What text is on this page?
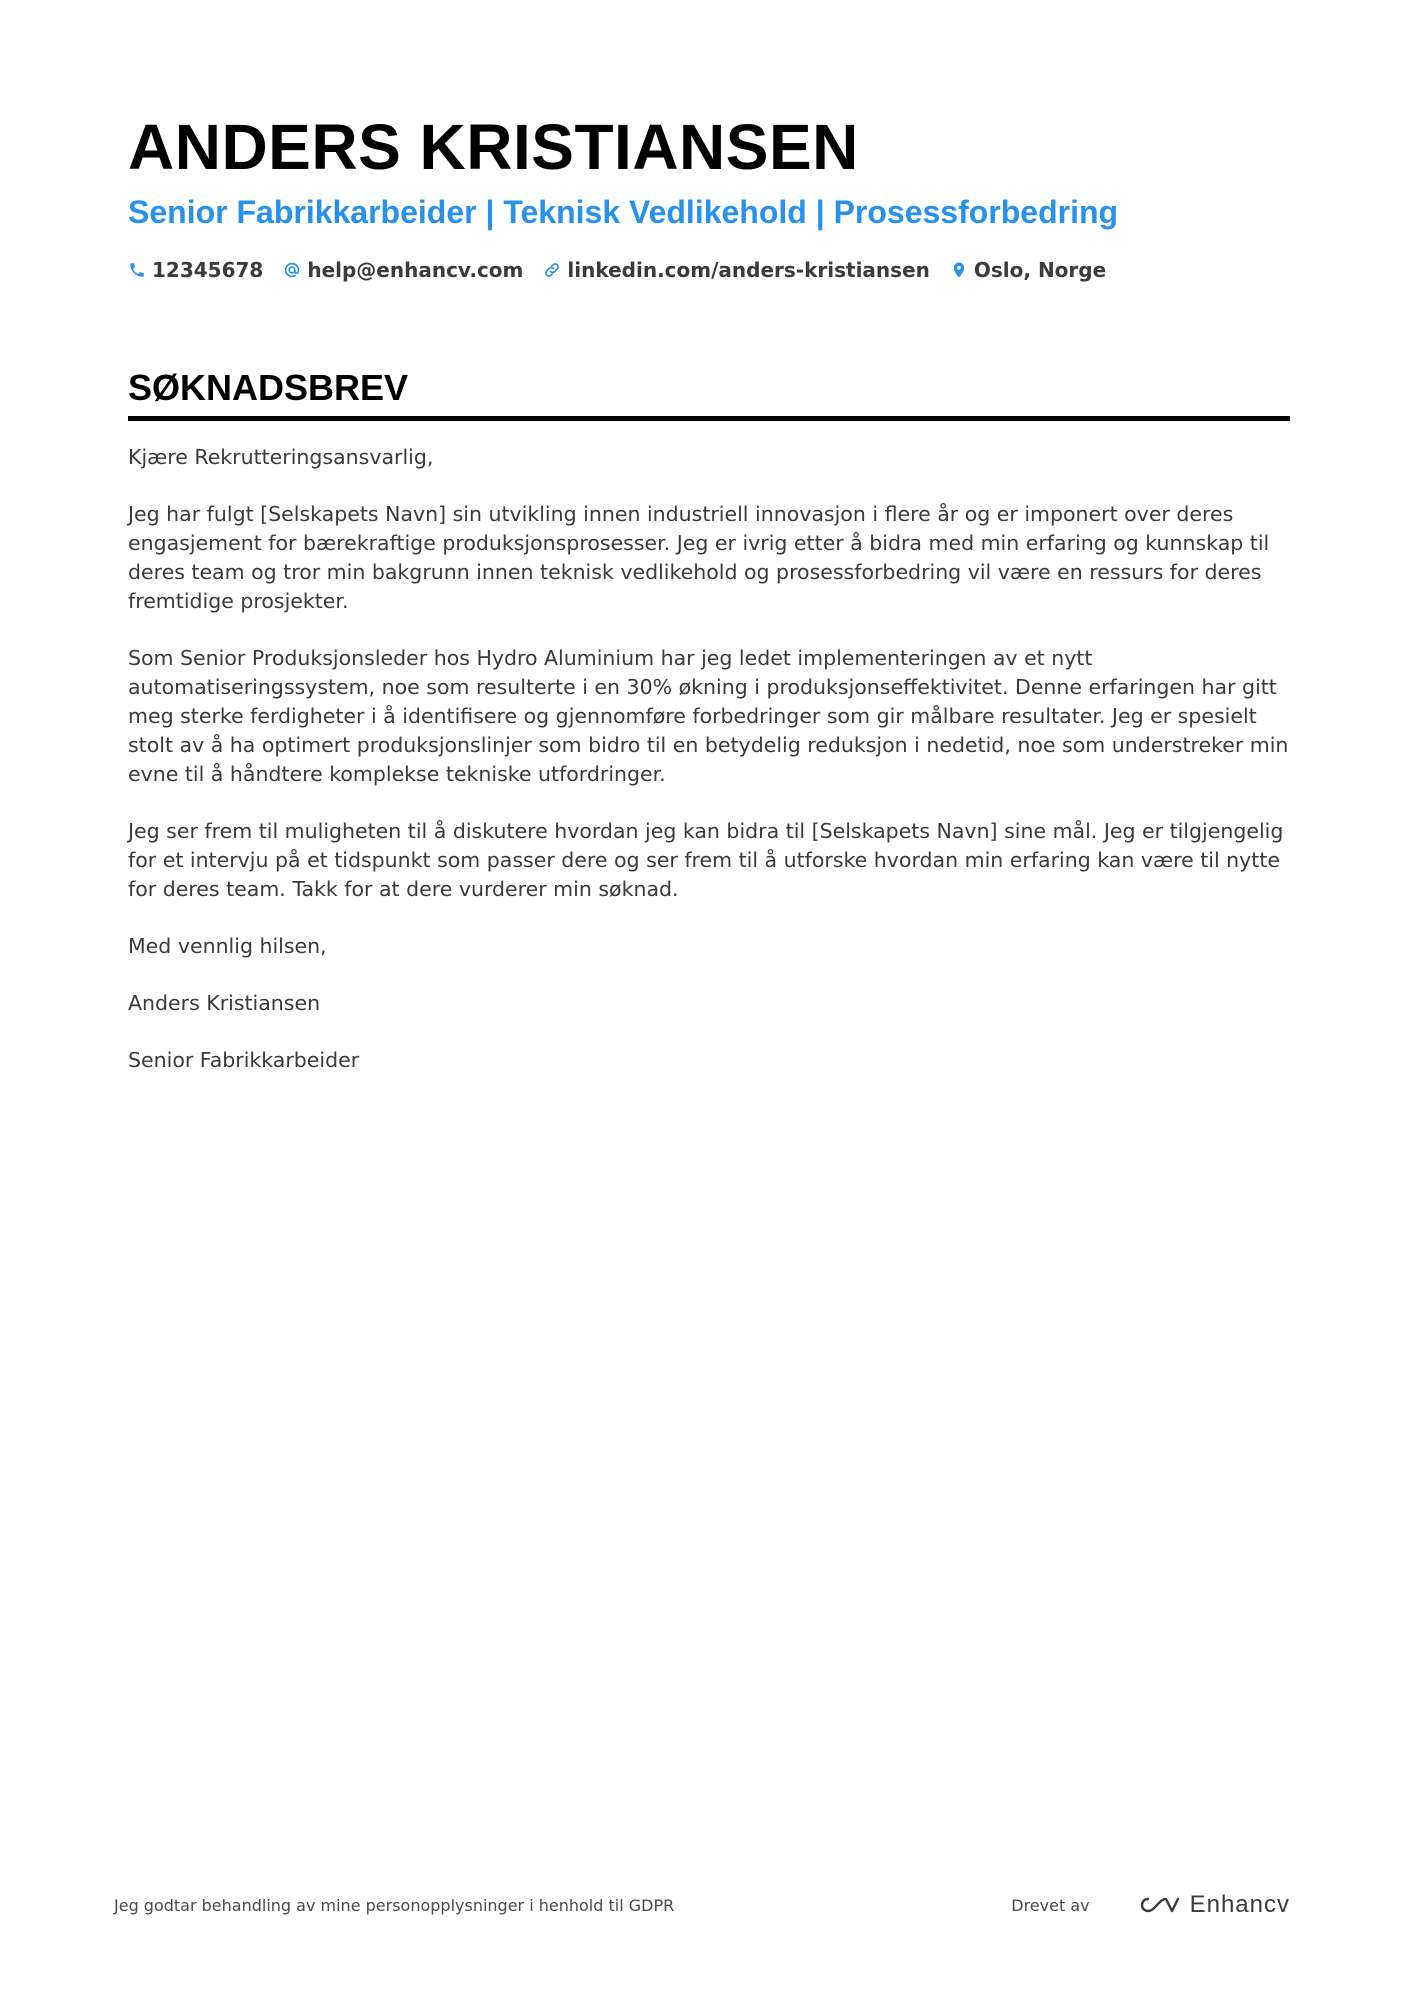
ANDERS KRISTIANSEN
Senior Fabrikkarbeider | Teknisk Vedlikehold | Prosessforbedring
12345678 help@enhancv.com linkedin.com/anders-kristiansen Oslo, Norge
SØKNADSBREV

Kjære Rekrutteringsansvarlig,

Jeg har fulgt [Selskapets Navn] sin utvikling innen industriell innovasjon i flere år og er imponert over deres engasjement for bærekraftige produksjonsprosesser. Jeg er ivrig etter å bidra med min erfaring og kunnskap til deres team og tror min bakgrunn innen teknisk vedlikehold og prosessforbedring vil være en ressurs for deres fremtidige prosjekter.

Som Senior Produksjonsleder hos Hydro Aluminium har jeg ledet implementeringen av et nytt automatiseringssystem, noe som resulterte i en 30% økning i produksjonseffektivitet. Denne erfaringen har gitt meg sterke ferdigheter i å identifisere og gjennomføre forbedringer som gir målbare resultater. Jeg er spesielt stolt av å ha optimert produksjonslinjer som bidro til en betydelig reduksjon i nedetid, noe som understreker min evne til å håndtere komplekse tekniske utfordringer.

Jeg ser frem til muligheten til å diskutere hvordan jeg kan bidra til [Selskapets Navn] sine mål. Jeg er tilgjengelig for et intervju på et tidspunkt som passer dere og ser frem til å utforske hvordan min erfaring kan være til nytte for deres team. Takk for at dere vurderer min søknad.

Med vennlig hilsen,

Anders Kristiansen

Senior Fabrikkarbeider

Jeg godtar behandling av mine personopplysninger i henhold til GDPR	Drevet av	Enhancv
